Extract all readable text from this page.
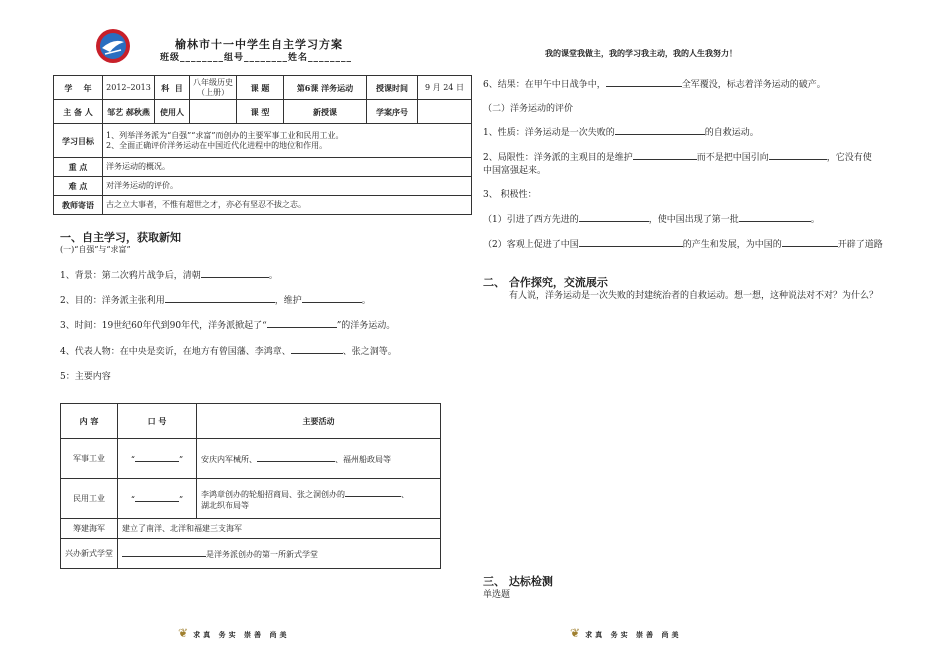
榆林市十一中学生自主学习方案
班级________组号________姓名________	我的课堂我做主，我的学习我主动，我的人生我努力！
学 年	2012–2013	科 目	八年级历史（上册）	课 题	第6课 洋务运动	授课时间	9 月 24 日
主 备 人	邹艺 郝秋燕	使用人		课 型	新授课	学案序号	
学习目标	1、列举洋务派为“自强”“求富”而创办的主要军事工业和民用工业。
2、全面正确评价洋务运动在中国近代化进程中的地位和作用。						

重 点	洋务运动的概况。						
难 点	对洋务运动的评价。						
教师寄语	古之立大事者，不惟有超世之才，亦必有坚忍不拔之志。						
一、自主学习，获取新知
(一)“自强”与“求富”
1、背景：第二次鸦片战争后，清朝	。
2、目的：洋务派主张利用	，维护	。
3、时间：19世纪60年代到90年代，洋务派掀起了“	”的洋务运动。
4、代表人物：在中央是奕䜣，在地方有曾国藩、李鸿章、	、张之洞等。
5：主要内容
内 容	口 号	主要活动
军事工业	“ ”	安庆内军械所、 、福州船政局等
民用工业	“ ”	李鸿章创办的轮船招商局、张之洞创办的 、
湖北织布局等
筹建海军	建立了南洋、北洋和福建三支海军	
兴办新式学堂	是洋务派创办的第一所新式学堂	
6、结果：在甲午中日战争中，	全军覆没，标志着洋务运动的破产。
（二）洋务运动的评价
1、性质：洋务运动是一次失败的	的自救运动。
2、局限性：洋务派的主观目的是维护	而不是把中国引向	，它没有使
中国富强起来。
3、 积极性：
（1）引进了西方先进的	，使中国出现了第一批	。
（2）客观上促进了中国	的产生和发展，为中国的	开辟了道路
二、 合作探究，交流展示
有人说，洋务运动是一次失败的封建统治者的自救运动。想一想，这种说法对不对？为什么？
三、 达标检测
单选题
❦ 求真 务实 崇善 尚美	❦ 求真 务实 崇善 尚美
